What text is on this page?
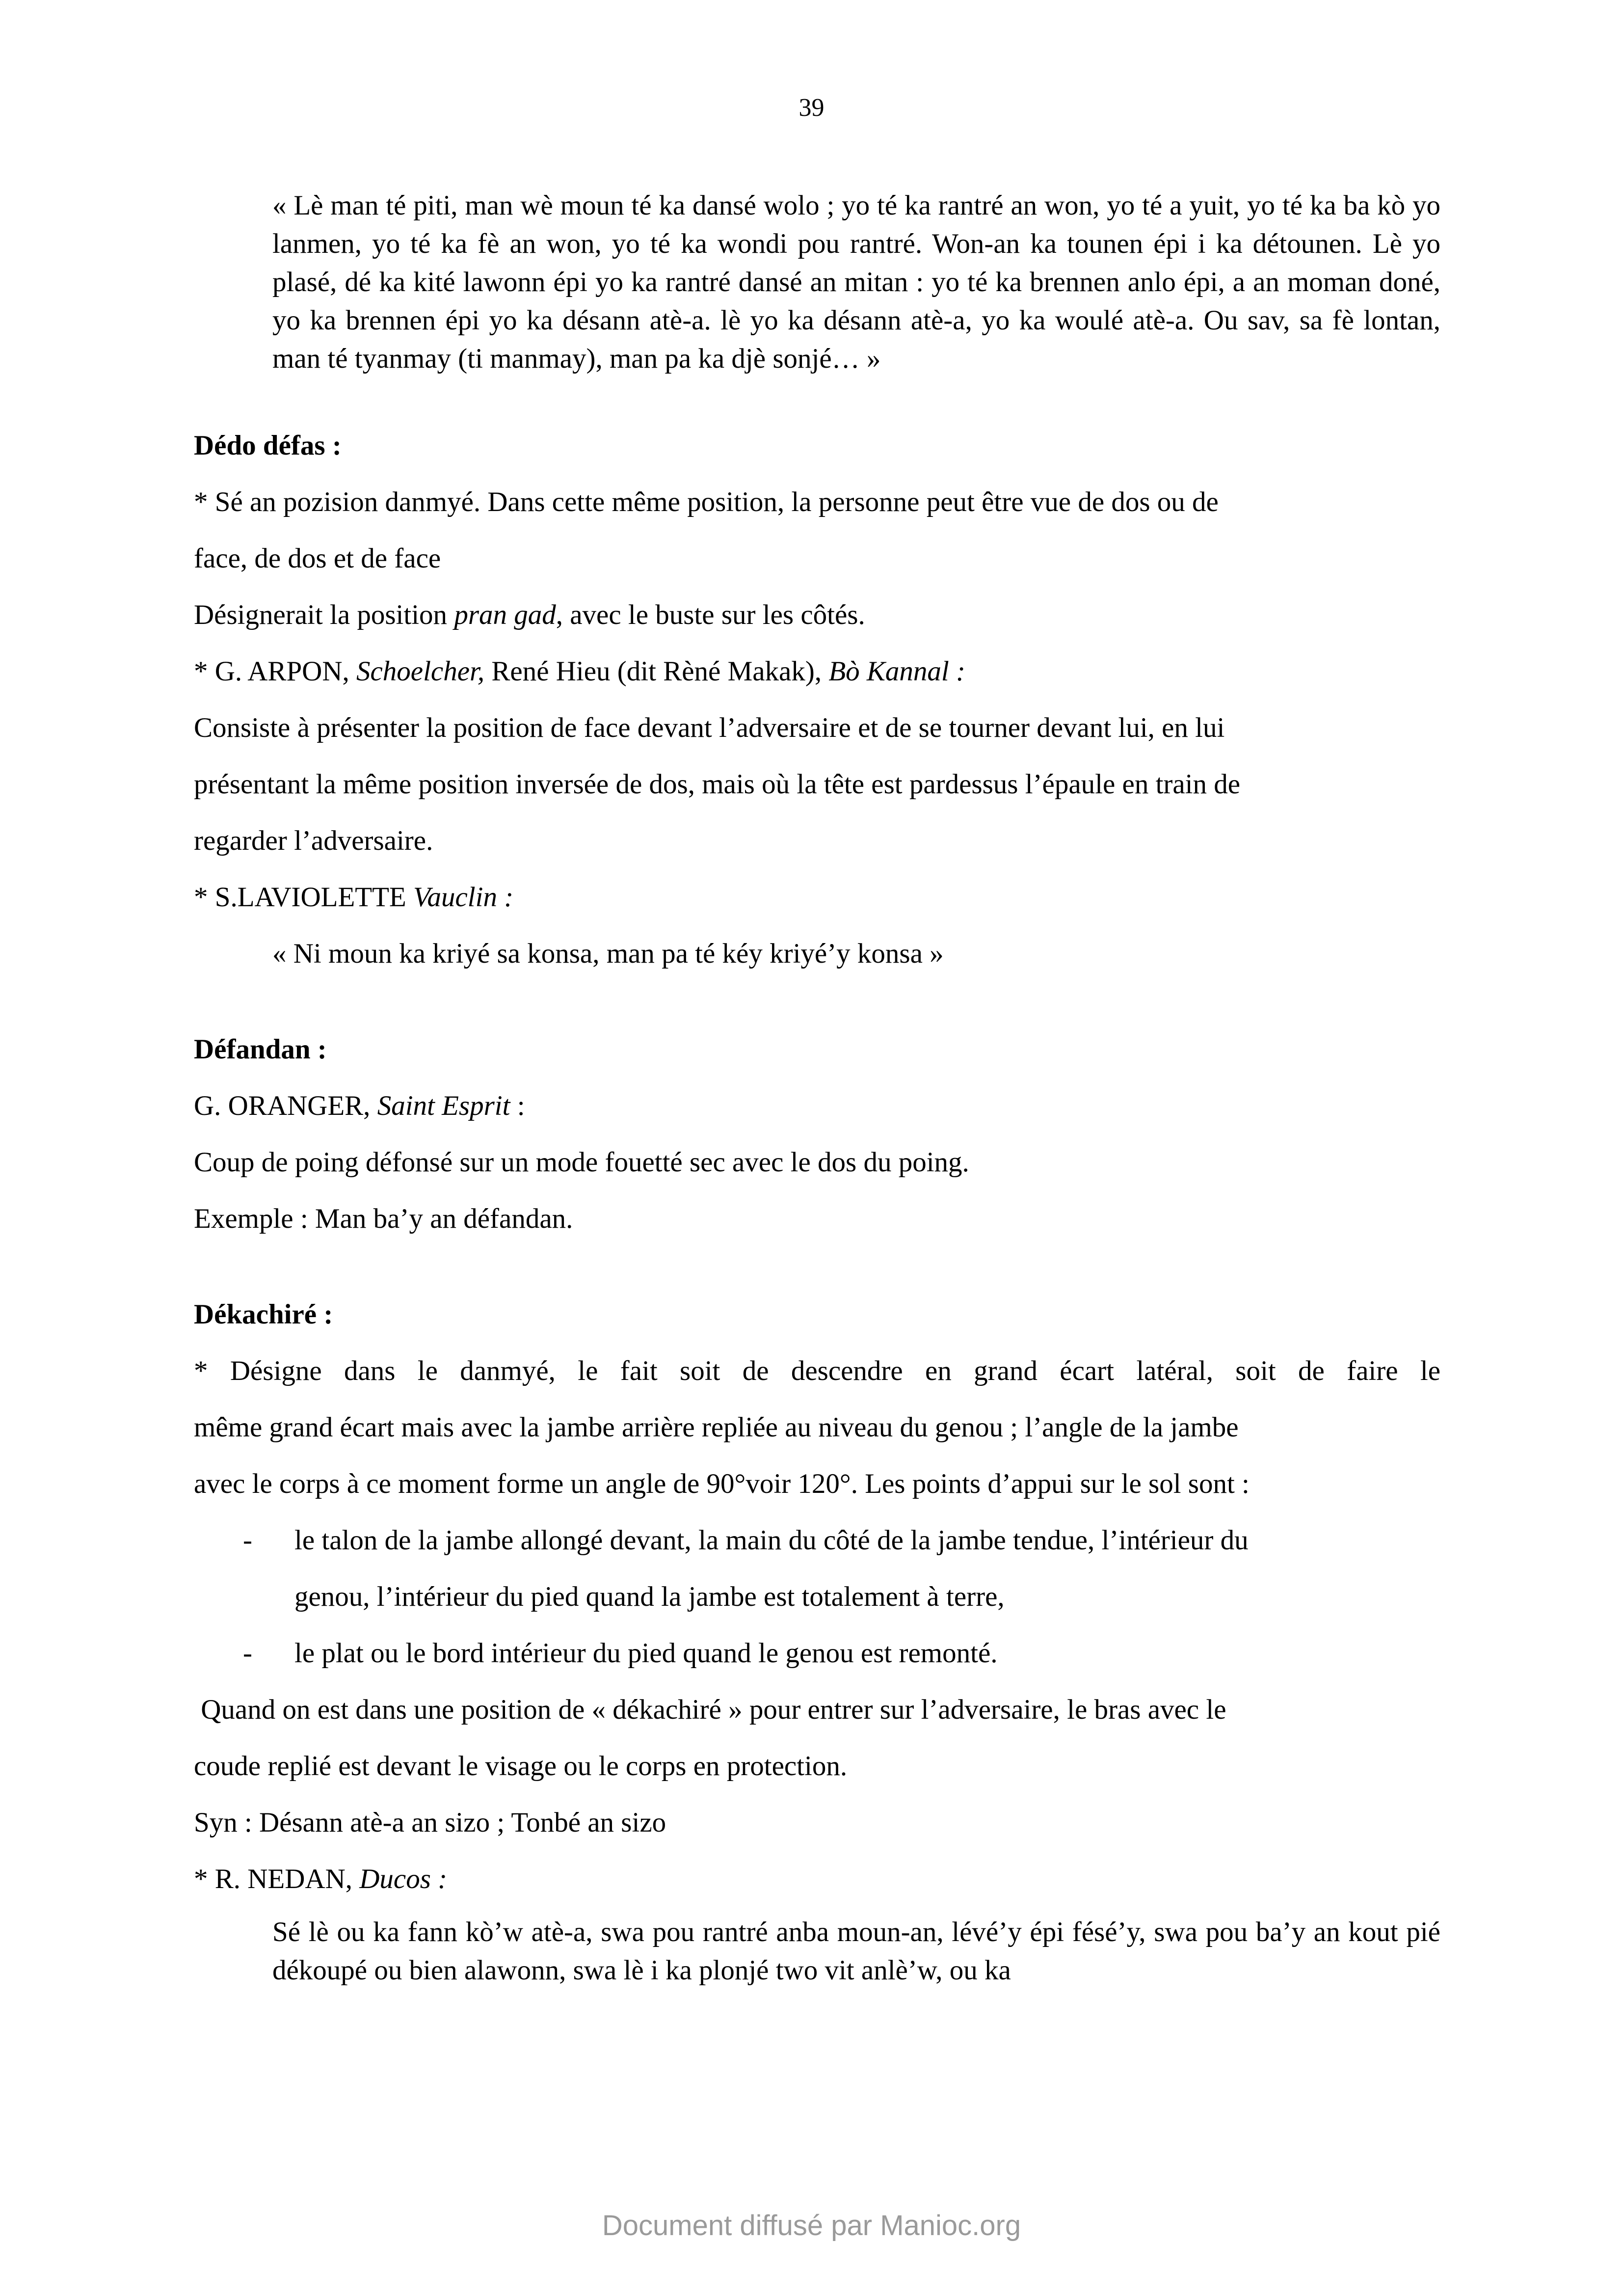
39
« Lè man té piti, man wè moun té ka dansé wolo ; yo té ka rantré an won, yo té a yuit, yo té ka ba kò yo lanmen, yo té ka fè an won, yo té ka wondi pou rantré. Won-an ka tounen épi i ka détounen. Lè yo plasé, dé ka kité lawonn épi yo ka rantré dansé an mitan : yo té ka brennen anlo épi, a an moman doné, yo ka brennen épi yo ka désann atè-a. lè yo ka désann atè-a, yo ka woulé atè-a. Ou sav, sa fè lontan, man té tyanmay (ti manmay), man pa ka djè sonjé… »
Dédo défas :
* Sé an pozision danmyé. Dans cette même position, la personne peut être vue de dos ou de
face, de dos et de face
Désignerait la position pran gad, avec le buste sur les côtés.
* G. ARPON, Schoelcher, René Hieu (dit Rèné Makak), Bò Kannal :
Consiste à présenter la position de face devant l’adversaire et de se tourner devant lui, en lui
présentant la même position inversée de dos, mais où la tête est pardessus l’épaule en train de
regarder l’adversaire.
* S.LAVIOLETTE Vauclin :
« Ni moun ka kriyé sa konsa, man pa té kéy kriyé’y konsa »
Défandan :
G. ORANGER, Saint Esprit :
Coup de poing défonsé sur un mode fouetté sec avec le dos du poing.
Exemple : Man ba’y an défandan.
Dékachiré :
* Désigne dans le danmyé, le fait soit de descendre en grand écart latéral, soit de faire le
même grand écart mais avec la jambe arrière repliée au niveau du genou ; l’angle de la jambe
avec le corps à ce moment forme un angle de 90°voir 120°. Les points d’appui sur le sol sont :
- le talon de la jambe allongé devant, la main du côté de la jambe tendue, l’intérieur du
genou, l’intérieur du pied quand la jambe est totalement à terre,
- le plat ou le bord intérieur du pied quand le genou est remonté.
Quand on est dans une position de « dékachiré » pour entrer sur l’adversaire, le bras avec le
coude replié est devant le visage ou le corps en protection.
Syn : Désann atè-a an sizo ; Tonbé an sizo
* R. NEDAN, Ducos :
Sé lè ou ka fann kò’w atè-a, swa pou rantré anba moun-an, lévé’y épi fésé’y, swa pou ba’y an kout pié dékoupé ou bien alawonn, swa lè i ka plonjé two vit anlè’w, ou ka
Document diffusé par Manioc.org
